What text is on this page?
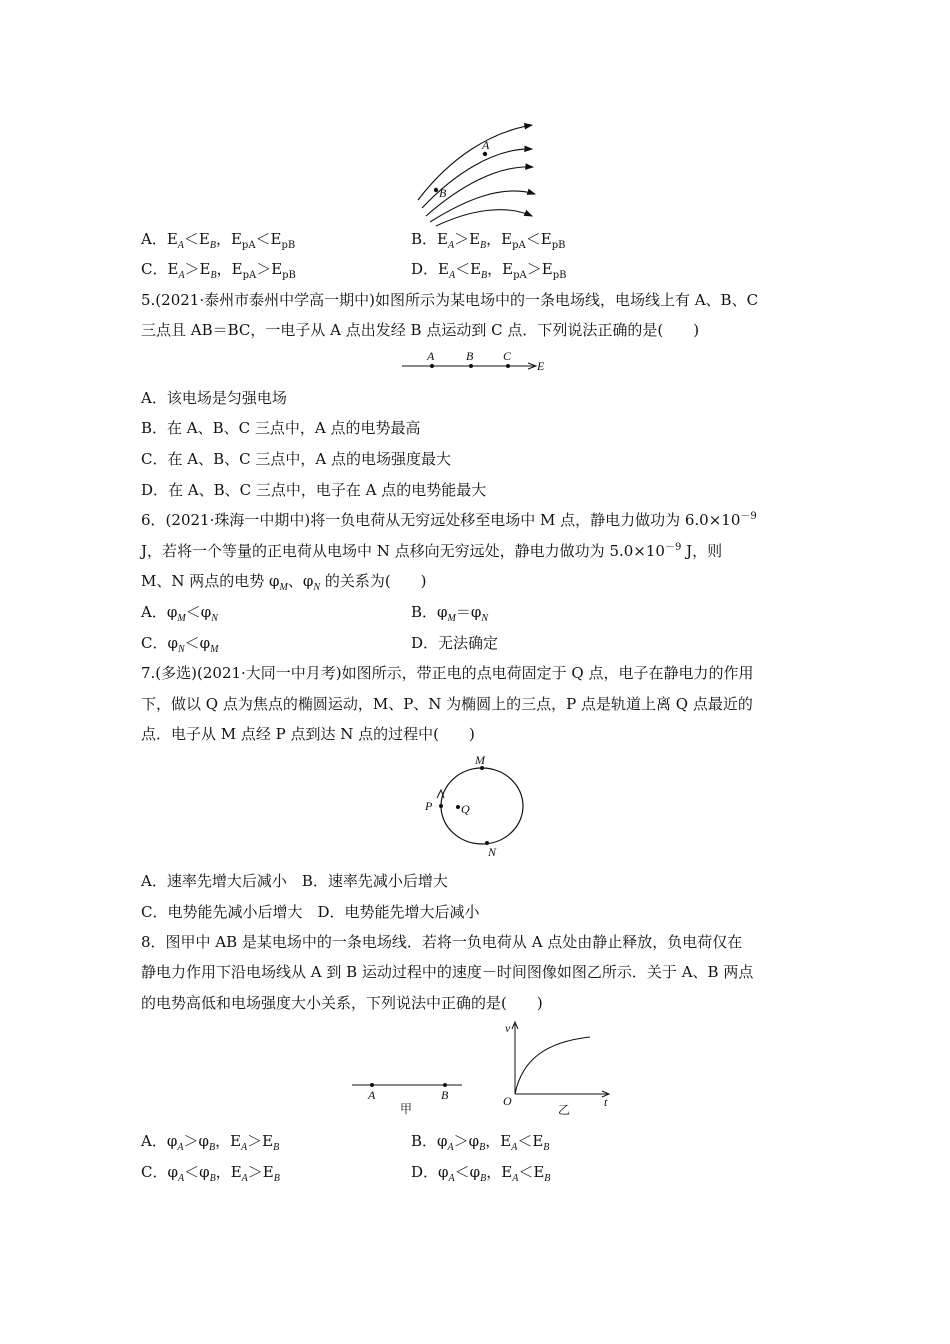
A
B
A．$E_A<E_B$，$E_{pA}<E_{pB}$	B．$E_A>E_B$，$E_{pA}<E_{pB}$
C．$E_A>E_B$，$E_{pA}>E_{pB}$	D．$E_A<E_B$，$E_{pA}>E_{pB}$
5.(2021·泰州市泰州中学高一期中)如图所示为某电场中的一条电场线，电场线上有 A、B、C
三点且 AB＝BC，一电子从 A 点出发经 B 点运动到 C 点．下列说法正确的是(　　)
A	B C
E
A．该电场是匀强电场
B．在 A、B、C 三点中，A 点的电势最高
C．在 A、B、C 三点中，A 点的电场强度最大
D．在 A、B、C 三点中，电子在 A 点的电势能最大
6．(2021·珠海一中期中)将一负电荷从无穷远处移至电场中 M 点，静电力做功为 $6.0\times 10^{-9}$
J，若将一个等量的正电荷从电场中 N 点移向无穷远处，静电力做功为 $5.0\times 10^{-9}$ J，则
M、N 两点的电势 $\varphi_M$、$\varphi_N$ 的关系为(　　)
A．$\varphi_M<\varphi_N$	B．$\varphi_M=\varphi_N$
C．$\varphi_N<\varphi_M$	D．无法确定
7.(多选)(2021·大同一中月考)如图所示，带正电的点电荷固定于 Q 点，电子在静电力的作用
下，做以 Q 点为焦点的椭圆运动，M、P、N 为椭圆上的三点，P 点是轨道上离 Q 点最近的
点．电子从 M 点经 P 点到达 N 点的过程中(　　)
M
P Q
N
A．速率先增大后减小　B．速率先减小后增大
C．电势能先减小后增大　D．电势能先增大后减小
8．图甲中 AB 是某电场中的一条电场线．若将一负电荷从 A 点处由静止释放，负电荷仅在
静电力作用下沿电场线从 A 到 B 运动过程中的速度－时间图像如图乙所示．关于 A、B 两点
的电势高低和电场强度大小关系，下列说法中正确的是(　　)
A	B
甲
v
O	t
乙
A．$\varphi_A>\varphi_B$，$E_A>E_B$	B．$\varphi_A>\varphi_B$，$E_A<E_B$
C．$\varphi_A<\varphi_B$，$E_A>E_B$	D．$\varphi_A<\varphi_B$，$E_A<E_B$
